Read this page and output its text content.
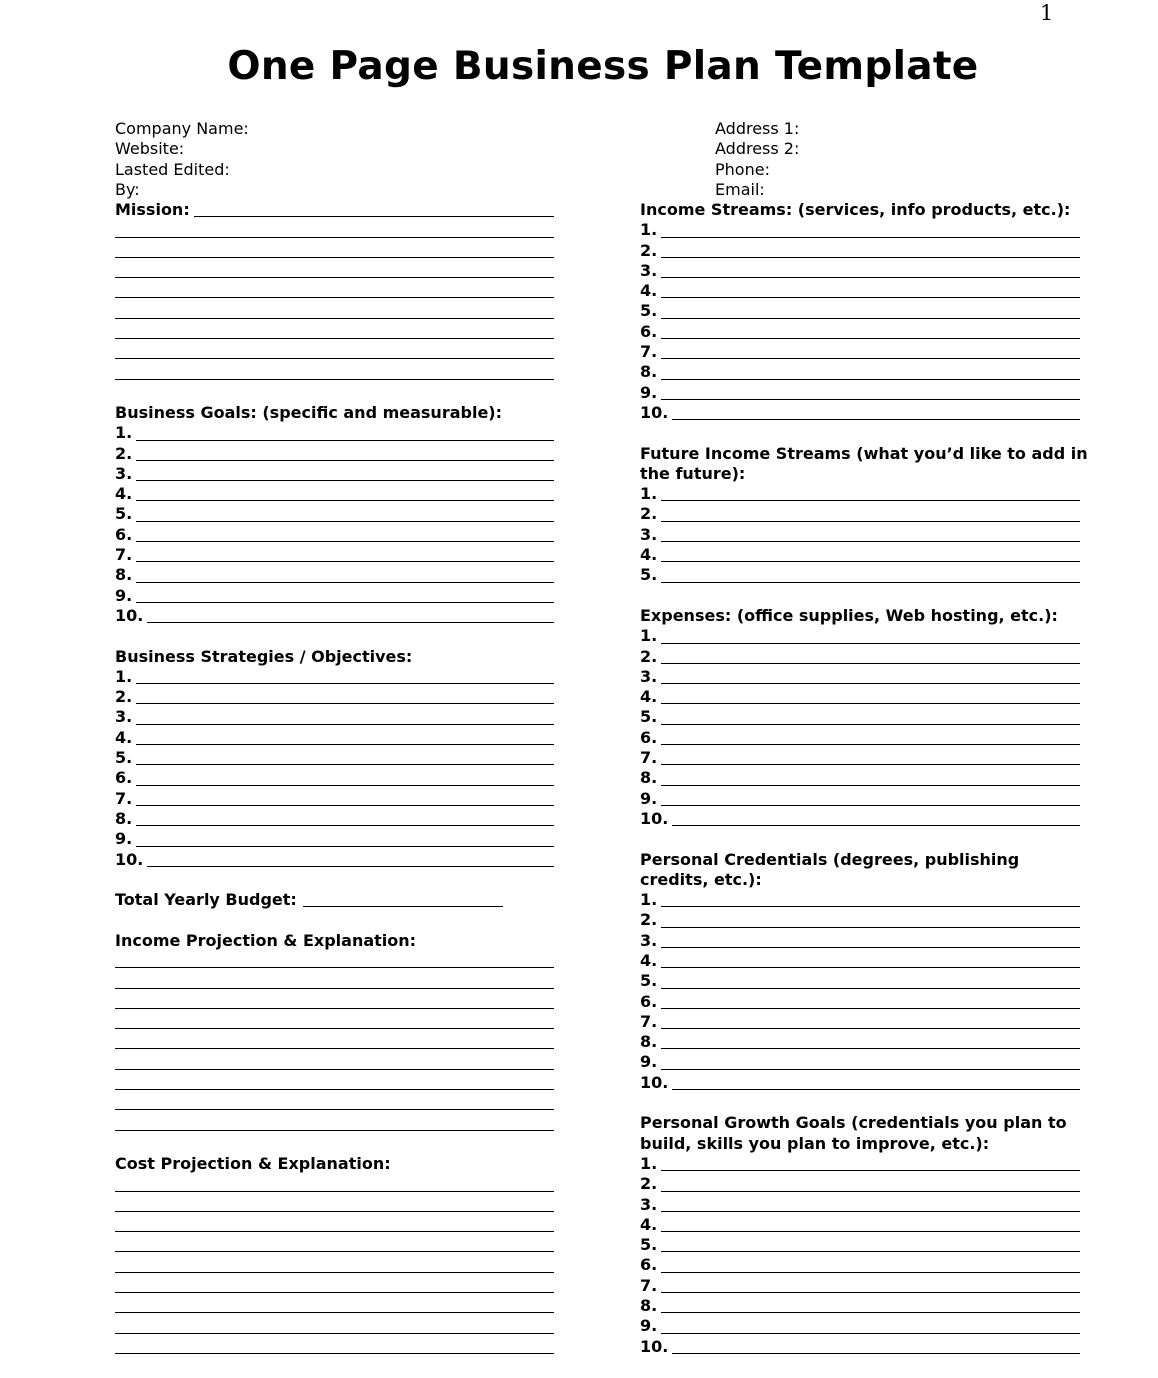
1
One Page Business Plan Template
Company Name:
Website:
Lasted Edited:
By:
Address 1:
Address 2:
Phone:
Email:
Mission:
Business Goals: (specific and measurable):
1.
2.
3.
4.
5.
6.
7.
8.
9.
10.
Business Strategies / Objectives:
1.
2.
3.
4.
5.
6.
7.
8.
9.
10.
Total Yearly Budget:
Income Projection & Explanation:
Cost Projection & Explanation:
Income Streams: (services, info products, etc.):
1.
2.
3.
4.
5.
6.
7.
8.
9.
10.
Future Income Streams (what you’d like to add in the future):
1.
2.
3.
4.
5.
Expenses: (office supplies, Web hosting, etc.):
1.
2.
3.
4.
5.
6.
7.
8.
9.
10.
Personal Credentials (degrees, publishing credits, etc.):
1.
2.
3.
4.
5.
6.
7.
8.
9.
10.
Personal Growth Goals (credentials you plan to build, skills you plan to improve, etc.):
1.
2.
3.
4.
5.
6.
7.
8.
9.
10.
